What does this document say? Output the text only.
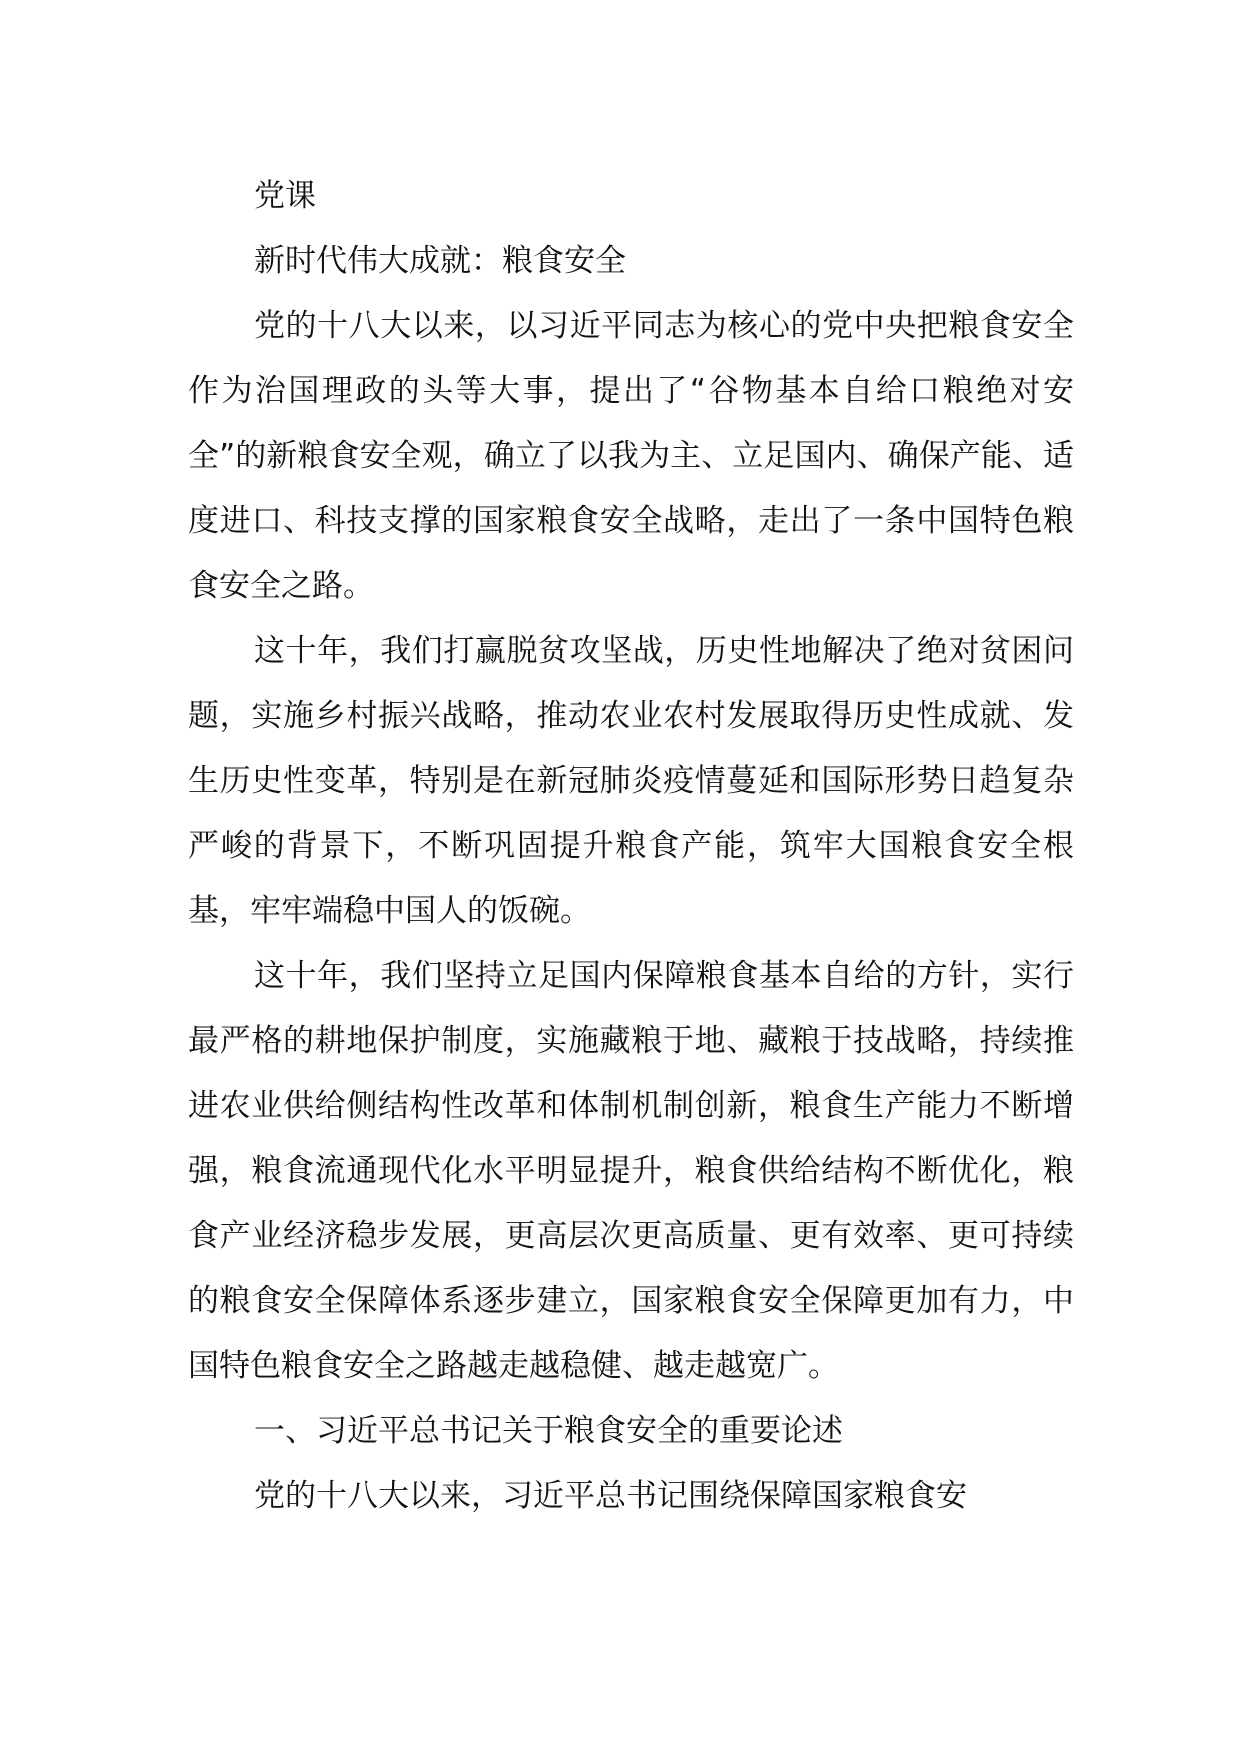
党课

新时代伟大成就：粮食安全

党的十八大以来，以习近平同志为核心的党中央把粮食安全作为治国理政的头等大事，提出了“谷物基本自给口粮绝对安全”的新粮食安全观，确立了以我为主、立足国内、确保产能、适度进口、科技支撑的国家粮食安全战略，走出了一条中国特色粮食安全之路。

这十年，我们打赢脱贫攻坚战，历史性地解决了绝对贫困问题，实施乡村振兴战略，推动农业农村发展取得历史性成就、发生历史性变革，特别是在新冠肺炎疫情蔓延和国际形势日趋复杂严峻的背景下，不断巩固提升粮食产能，筑牢大国粮食安全根基，牢牢端稳中国人的饭碗。

这十年，我们坚持立足国内保障粮食基本自给的方针，实行最严格的耕地保护制度，实施藏粮于地、藏粮于技战略，持续推进农业供给侧结构性改革和体制机制创新，粮食生产能力不断增强，粮食流通现代化水平明显提升，粮食供给结构不断优化，粮食产业经济稳步发展，更高层次更高质量、更有效率、更可持续的粮食安全保障体系逐步建立，国家粮食安全保障更加有力，中国特色粮食安全之路越走越稳健、越走越宽广。

一、习近平总书记关于粮食安全的重要论述

党的十八大以来，习近平总书记围绕保障国家粮食安
